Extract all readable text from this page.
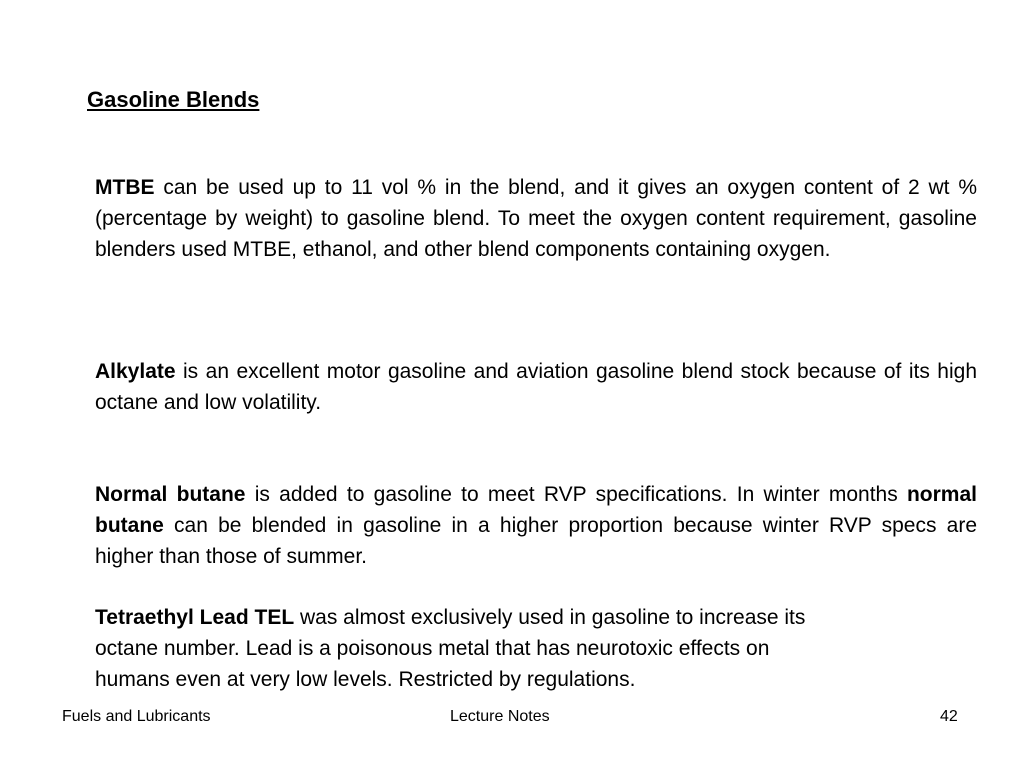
Gasoline Blends

MTBE can be used up to 11 vol % in the blend, and it gives an oxygen content of 2 wt % (percentage by weight) to gasoline blend. To meet the oxygen content requirement, gasoline blenders used MTBE, ethanol, and other blend components containing oxygen.

Alkylate is an excellent motor gasoline and aviation gasoline blend stock because of its high octane and low volatility.

Normal butane is added to gasoline to meet RVP specifications. In winter months normal butane can be blended in gasoline in a higher proportion because winter RVP specs are higher than those of summer.

Tetraethyl Lead TEL was almost exclusively used in gasoline to increase its
octane number. Lead is a poisonous metal that has neurotoxic effects on
humans even at very low levels. Restricted by regulations.

Fuels and Lubricants	Lecture Notes	42
